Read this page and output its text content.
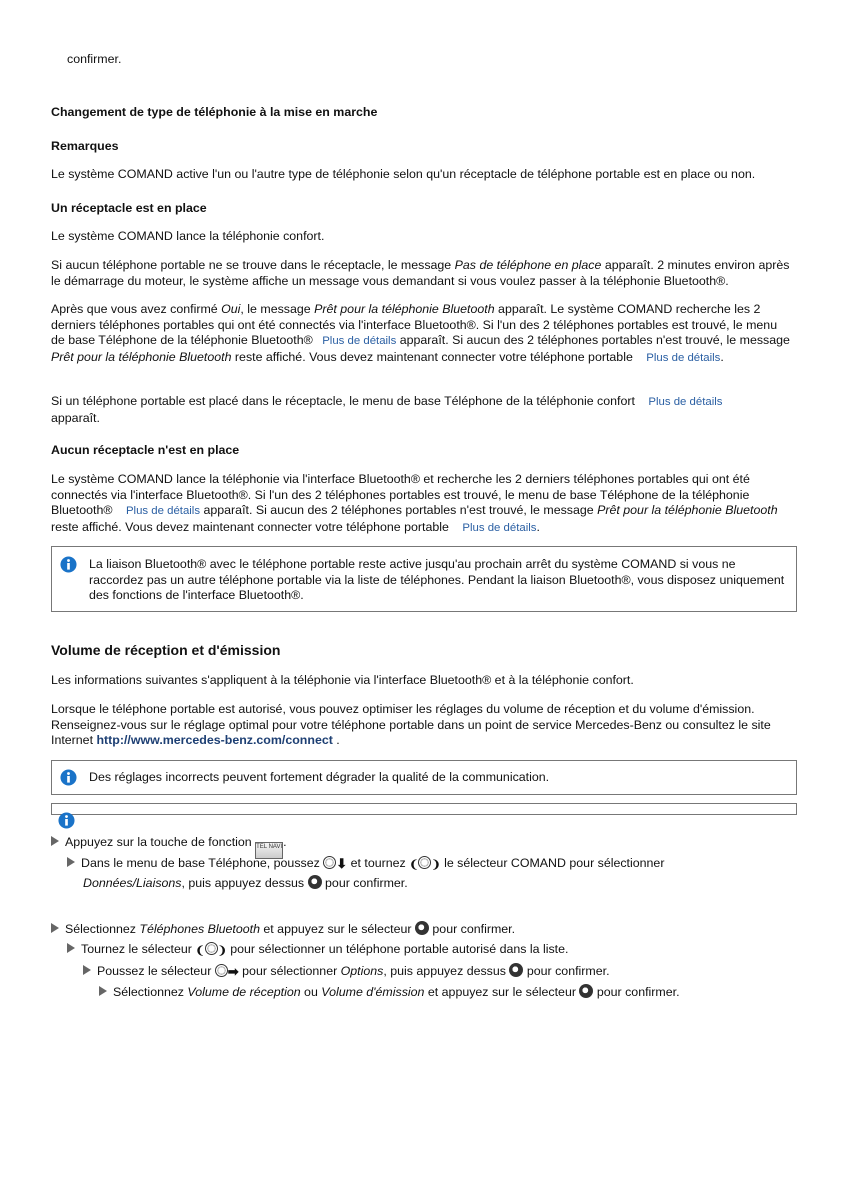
confirmer.

Changement de type de téléphonie à la mise en marche

Remarques

Le système COMAND active l'un ou l'autre type de téléphonie selon qu'un réceptacle de téléphone portable est en place ou non.

Un réceptacle est en place

Le système COMAND lance la téléphonie confort.

Si aucun téléphone portable ne se trouve dans le réceptacle, le message Pas de téléphone en place apparaît. 2 minutes environ après le démarrage du moteur, le système affiche un message vous demandant si vous voulez passer à la téléphonie Bluetooth®.

Après que vous avez confirmé Oui, le message Prêt pour la téléphonie Bluetooth apparaît. Le système COMAND recherche les 2 derniers téléphones portables qui ont été connectés via l'interface Bluetooth®. Si l'un des 2 téléphones portables est trouvé, le menu de base Téléphone de la téléphonie Bluetooth® Plus de détails apparaît. Si aucun des 2 téléphones portables n'est trouvé, le message Prêt pour la téléphonie Bluetooth reste affiché. Vous devez maintenant connecter votre téléphone portable Plus de détails.

Si un téléphone portable est placé dans le réceptacle, le menu de base Téléphone de la téléphonie confort Plus de détails
apparaît.

Aucun réceptacle n'est en place

Le système COMAND lance la téléphonie via l'interface Bluetooth® et recherche les 2 derniers téléphones portables qui ont été connectés via l'interface Bluetooth®. Si l'un des 2 téléphones portables est trouvé, le menu de base Téléphone de la téléphonie Bluetooth® Plus de détails apparaît. Si aucun des 2 téléphones portables n'est trouvé, le message Prêt pour la téléphonie Bluetooth reste affiché. Vous devez maintenant connecter votre téléphone portable Plus de détails.

La liaison Bluetooth® avec le téléphone portable reste active jusqu'au prochain arrêt du système COMAND si vous ne raccordez pas un autre téléphone portable via la liste de téléphones. Pendant la liaison Bluetooth®, vous disposez uniquement des fonctions de l'interface Bluetooth®.

Volume de réception et d'émission

Les informations suivantes s'appliquent à la téléphonie via l'interface Bluetooth® et à la téléphonie confort.

Lorsque le téléphone portable est autorisé, vous pouvez optimiser les réglages du volume de réception et du volume d'émission. Renseignez-vous sur le réglage optimal pour votre téléphone portable dans un point de service Mercedes-Benz ou consultez le site Internet http://www.mercedes-benz.com/connect .

Des réglages incorrects peuvent fortement dégrader la qualité de la communication.

Appuyez sur la touche de fonction TEL NAVI.

Dans le menu de base Téléphone, poussez ⬇ et tournez ❨ ❩ le sélecteur COMAND pour sélectionner

Données/Liaisons, puis appuyez dessus pour confirmer.

Sélectionnez Téléphones Bluetooth et appuyez sur le sélecteur pour confirmer.

Tournez le sélecteur ❨ ❩ pour sélectionner un téléphone portable autorisé dans la liste.

Poussez le sélecteur ➡ pour sélectionner Options, puis appuyez dessus pour confirmer.

Sélectionnez Volume de réception ou Volume d'émission et appuyez sur le sélecteur pour confirmer.
